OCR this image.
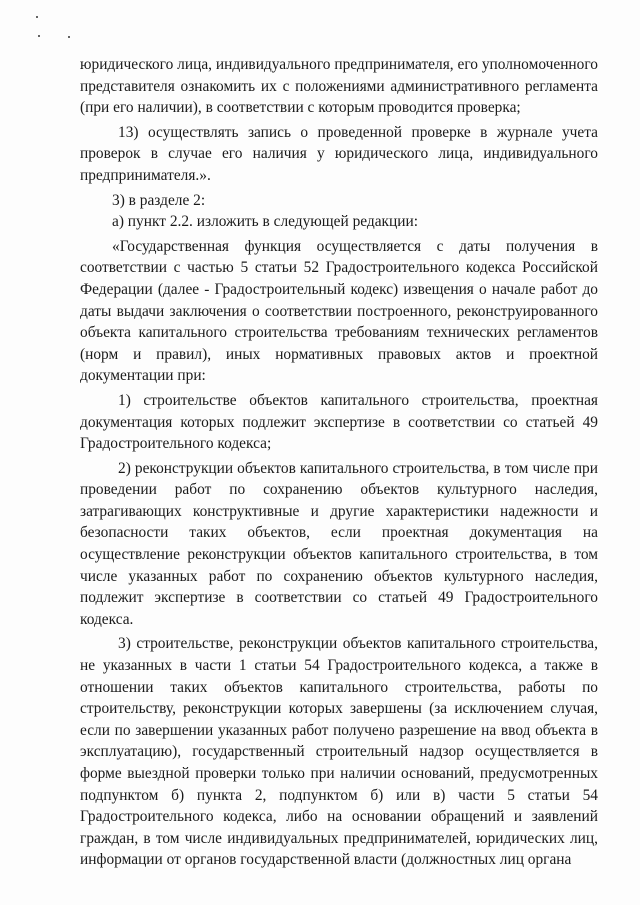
юридического лица, индивидуального предпринимателя, его уполномоченного представителя ознакомить их с положениями административного регламента (при его наличии), в соответствии с которым проводится проверка;

13) осуществлять запись о проведенной проверке в журнале учета проверок в случае его наличия у юридического лица, индивидуального предпринимателя.».

3) в разделе 2:

а) пункт 2.2. изложить в следующей редакции:

«Государственная функция осуществляется с даты получения в соответствии с частью 5 статьи 52 Градостроительного кодекса Российской Федерации (далее - Градостроительный кодекс) извещения о начале работ до даты выдачи заключения о соответствии построенного, реконструированного объекта капитального строительства требованиям технических регламентов (норм и правил), иных нормативных правовых актов и проектной документации при:

1) строительстве объектов капитального строительства, проектная документация которых подлежит экспертизе в соответствии со статьей 49 Градостроительного кодекса;

2) реконструкции объектов капитального строительства, в том числе при проведении работ по сохранению объектов культурного наследия, затрагивающих конструктивные и другие характеристики надежности и безопасности таких объектов, если проектная документация на осуществление реконструкции объектов капитального строительства, в том числе указанных работ по сохранению объектов культурного наследия, подлежит экспертизе в соответствии со статьей 49 Градостроительного кодекса.

3) строительстве, реконструкции объектов капитального строительства, не указанных в части 1 статьи 54 Градостроительного кодекса, а также в отношении таких объектов капитального строительства, работы по строительству, реконструкции которых завершены (за исключением случая, если по завершении указанных работ получено разрешение на ввод объекта в эксплуатацию), государственный строительный надзор осуществляется в форме выездной проверки только при наличии оснований, предусмотренных подпунктом б) пункта 2, подпунктом б) или в) части 5 статьи 54 Градостроительного кодекса, либо на основании обращений и заявлений граждан, в том числе индивидуальных предпринимателей, юридических лиц, информации от органов государственной власти (должностных лиц органа
